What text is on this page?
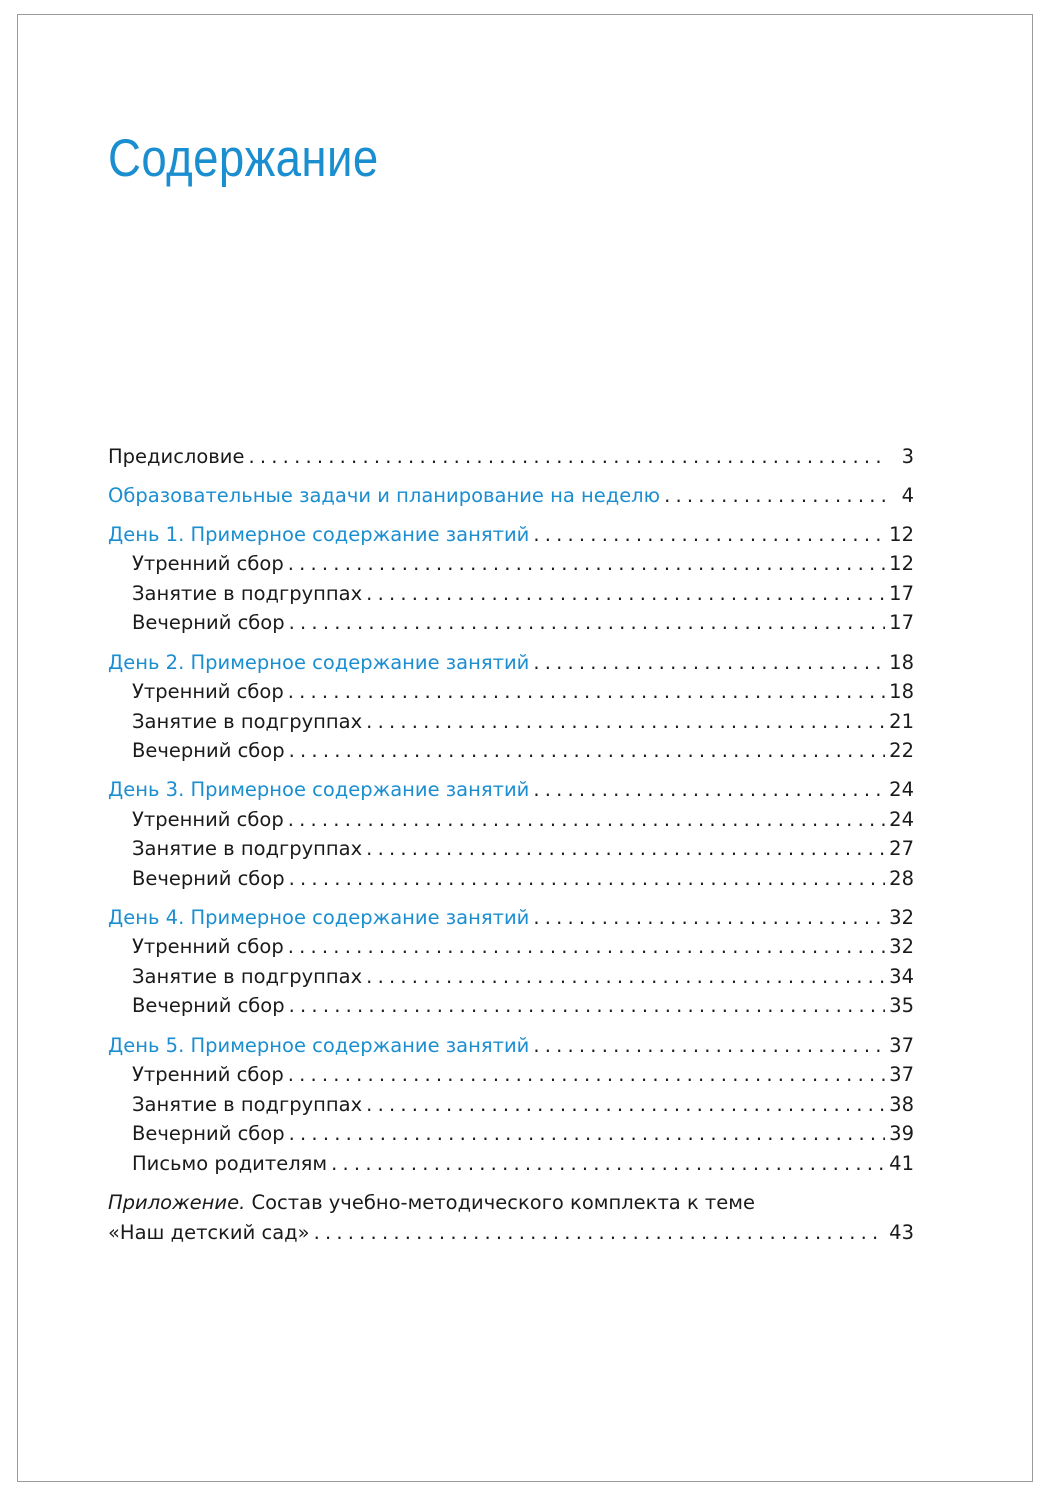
Содержание
Предисловие . . .	3
Образовательные задачи и планирование на неделю . . .	4
День 1. Примерное содержание занятий . . .	12
Утренний сбор . . .	12
Занятие в подгруппах . . .	17
Вечерний сбор . . .	17
День 2. Примерное содержание занятий . . .	18
Утренний сбор . . .	18
Занятие в подгруппах . . .	21
Вечерний сбор . . .	22
День 3. Примерное содержание занятий . . .	24
Утренний сбор . . .	24
Занятие в подгруппах . . .	27
Вечерний сбор . . .	28
День 4. Примерное содержание занятий . . .	32
Утренний сбор . . .	32
Занятие в подгруппах . . .	34
Вечерний сбор . . .	35
День 5. Примерное содержание занятий . . .	37
Утренний сбор . . .	37
Занятие в подгруппах . . .	38
Вечерний сбор . . .	39
Письмо родителям . . .	41
Приложение. Состав учебно-методического комплекта к теме
«Наш детский сад» . . .	43
